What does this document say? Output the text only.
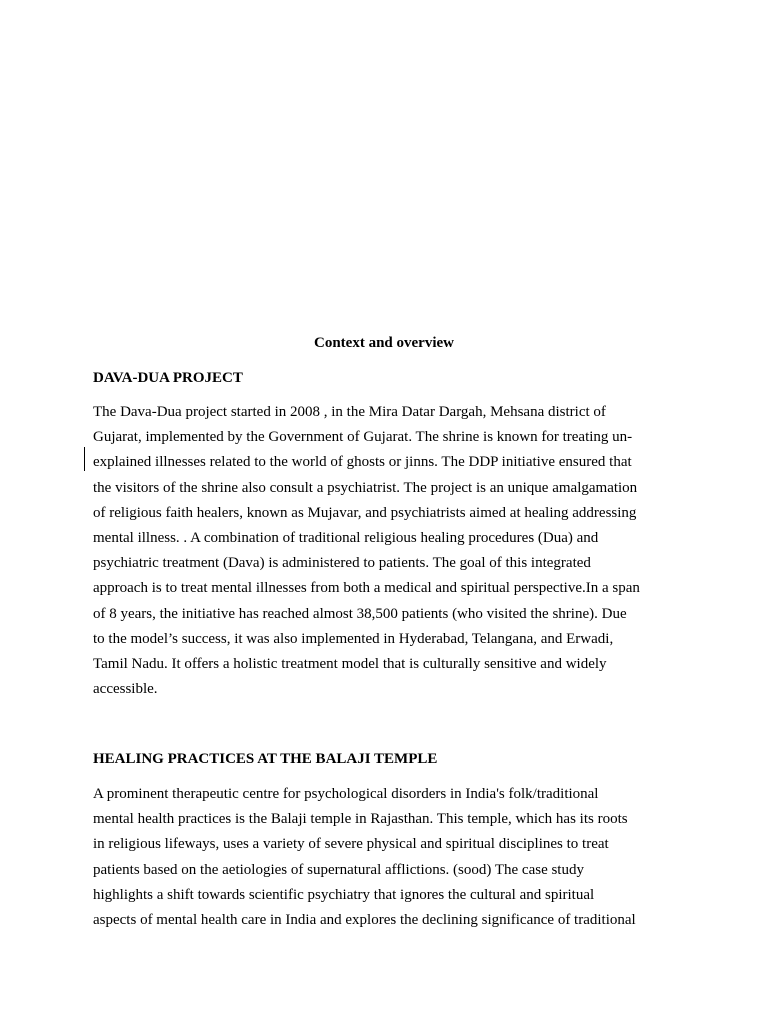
Context and overview
DAVA-DUA PROJECT

The Dava-Dua project started in 2008 , in the Mira Datar Dargah, Mehsana district of
Gujarat, implemented by the Government of Gujarat. The shrine is known for treating un-
explained illnesses related to the world of ghosts or jinns. The DDP initiative ensured that
the visitors of the shrine also consult a psychiatrist. The project is an unique amalgamation
of religious faith healers, known as Mujavar, and psychiatrists aimed at healing addressing
mental illness. . A combination of traditional religious healing procedures (Dua) and
psychiatric treatment (Dava) is administered to patients. The goal of this integrated
approach is to treat mental illnesses from both a medical and spiritual perspective.In a span
of 8 years, the initiative has reached almost 38,500 patients (who visited the shrine). Due
to the model’s success, it was also implemented in Hyderabad, Telangana, and Erwadi,
Tamil Nadu. It offers a holistic treatment model that is culturally sensitive and widely
accessible.

HEALING PRACTICES AT THE BALAJI TEMPLE

A prominent therapeutic centre for psychological disorders in India's folk/traditional
mental health practices is the Balaji temple in Rajasthan. This temple, which has its roots
in religious lifeways, uses a variety of severe physical and spiritual disciplines to treat
patients based on the aetiologies of supernatural afflictions. (sood) The case study
highlights a shift towards scientific psychiatry that ignores the cultural and spiritual
aspects of mental health care in India and explores the declining significance of traditional
